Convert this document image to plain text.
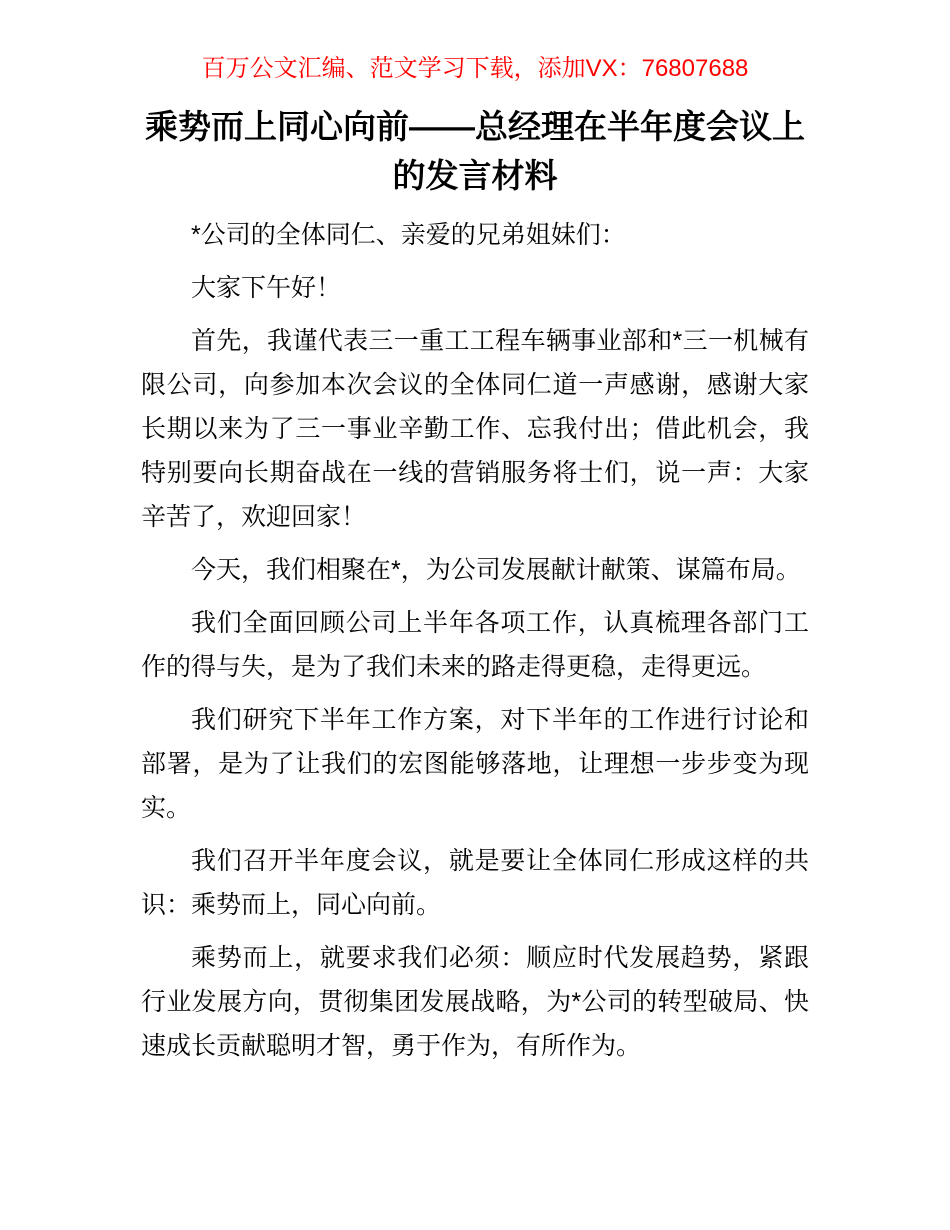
百万公文汇编、范文学习下载，添加VX：76807688
乘势而上同心向前——总经理在半年度会议上的发言材料

*公司的全体同仁、亲爱的兄弟姐妹们：

大家下午好！

首先，我谨代表三一重工工程车辆事业部和*三一机械有限公司，向参加本次会议的全体同仁道一声感谢，感谢大家长期以来为了三一事业辛勤工作、忘我付出；借此机会，我特别要向长期奋战在一线的营销服务将士们，说一声：大家辛苦了，欢迎回家！

今天，我们相聚在*，为公司发展献计献策、谋篇布局。

我们全面回顾公司上半年各项工作，认真梳理各部门工作的得与失，是为了我们未来的路走得更稳，走得更远。

我们研究下半年工作方案，对下半年的工作进行讨论和部署，是为了让我们的宏图能够落地，让理想一步步变为现实。

我们召开半年度会议，就是要让全体同仁形成这样的共识：乘势而上，同心向前。

乘势而上，就要求我们必须：顺应时代发展趋势，紧跟行业发展方向，贯彻集团发展战略，为*公司的转型破局、快速成长贡献聪明才智，勇于作为，有所作为。
